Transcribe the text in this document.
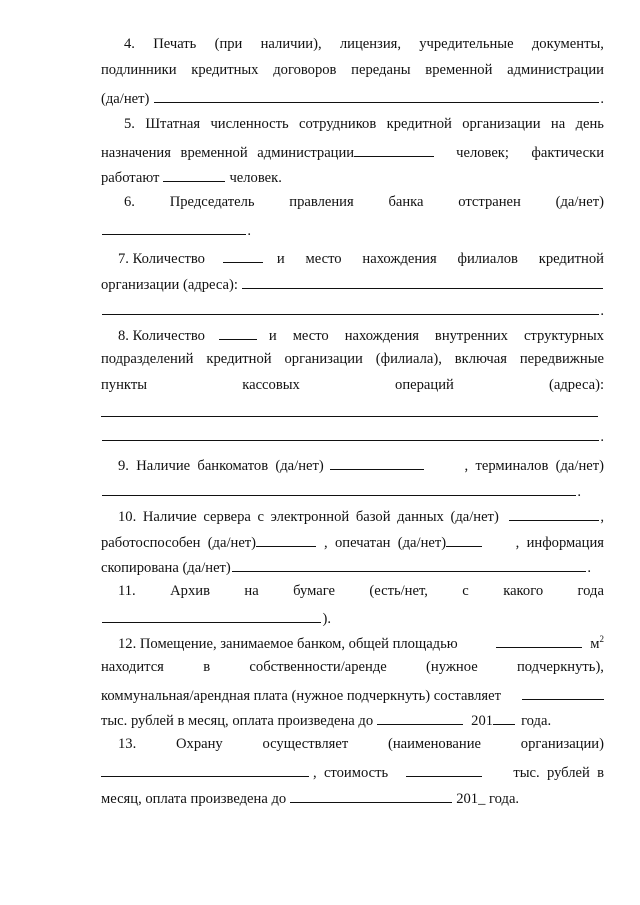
4. Печать (при наличии), лицензия, учредительные документы,
подлинники кредитных договоров переданы временной администрации
(да/нет)	.
5. Штатная численность сотрудников кредитной организации на день
назначения временной администрации	человек; фактически
работают	человек.
6. Председатель правления банка отстранен (да/нет)
.
7. Количество	и место нахождения филиалов кредитной
организации (адреса):
.
8. Количество	и место нахождения внутренних структурных
подразделений кредитной организации (филиала), включая передвижные
пункты	кассовых	операций	(адреса):
.
9.  Наличие  банкоматов  (да/нет)	,  терминалов  (да/нет)
.
10. Наличие сервера с электронной базой данных (да/нет)	,
работоспособен  (да/нет)	,  опечатан  (да/нет)	,  информация
скопирована (да/нет)	.
11. Архив на бумаге (есть/нет, с какого года
).
12. Помещение, занимаемое банком, общей площадью	$м^2$
находится	в	собственности/аренде	(нужное	подчеркнуть),
коммунальная/арендная плата (нужное подчеркнуть) составляет
тыс. рублей в месяц, оплата произведена до	201 года.
13.	Охрану	осуществляет	(наименование	организации)
,  стоимость	тыс.  рублей  в
месяц, оплата произведена до	201_ года.
